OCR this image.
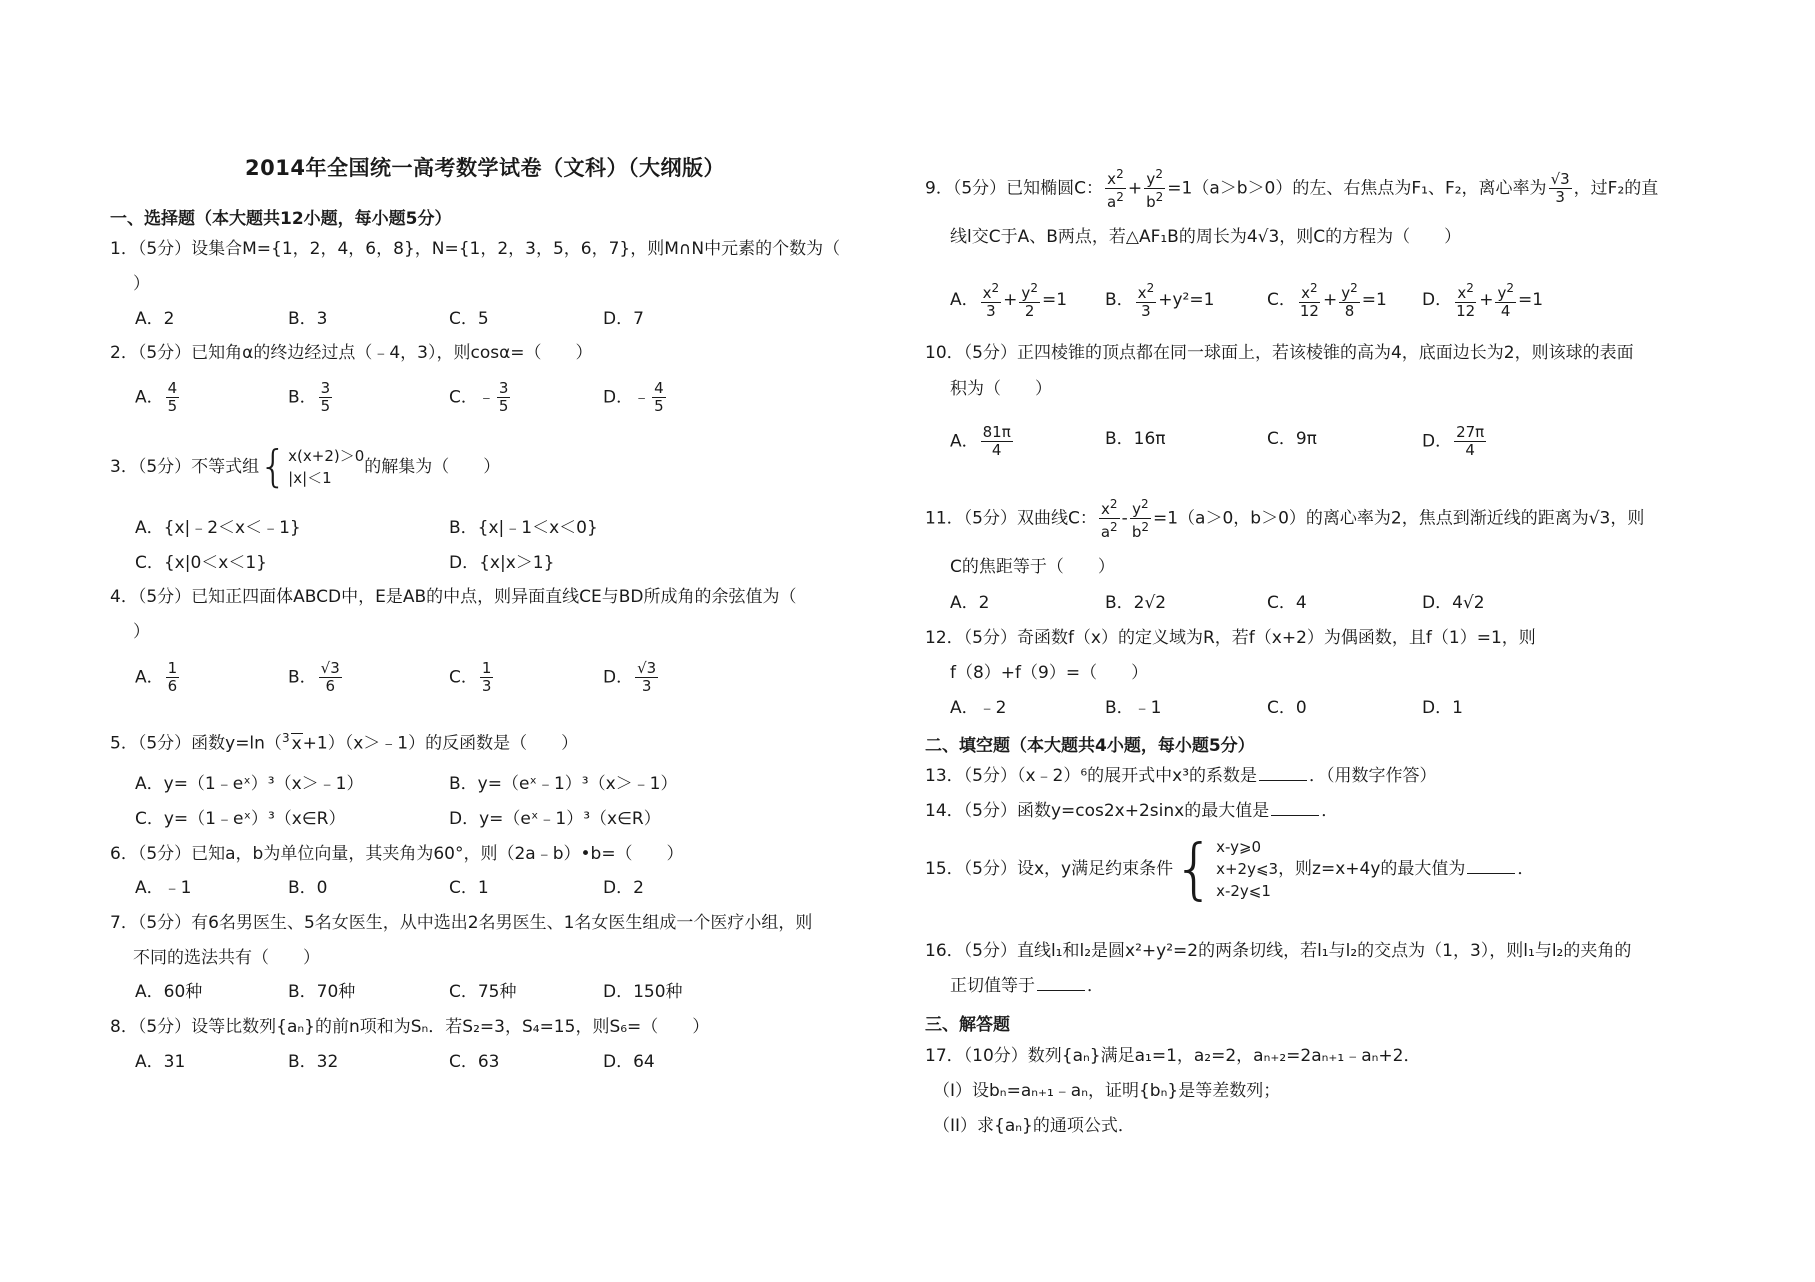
2014年全国统一高考数学试卷（文科）（大纲版）
一、选择题（本大题共12小题，每小题5分）
1．（5分）设集合M={1，2，4，6，8}，N={1，2，3，5，6，7}，则M∩N中元素的个数为（
）
A．2	B．3	C．5	D．7
2．（5分）已知角α的终边经过点（﹣4，3），则cosα=（　　）
A． $\frac{4}{5}$	B． $\frac{3}{5}$	C．﹣ $\frac{3}{5}$	D．﹣ $\frac{4}{5}$
3．（5分）不等式组 { x(x+2)＞0
|x|＜1
的解集为（　　）
A．{x|﹣2＜x＜﹣1}	B．{x|﹣1＜x＜0}
C．{x|0＜x＜1}	D．{x|x＞1}
4．（5分）已知正四面体ABCD中，E是AB的中点，则异面直线CE与BD所成角的余弦值为（
）
A． $\frac{1}{6}$	B． $\frac{√3}{6}$	C． $\frac{1}{3}$	D． $\frac{√3}{3}$
5．（5分）函数y=ln（$^3$ x+1）（x＞﹣1）的反函数是（　　）
A．y=（1﹣eˣ）³（x＞﹣1）	B．y=（eˣ﹣1）³（x＞﹣1）
C．y=（1﹣eˣ）³（x∈R）	D．y=（eˣ﹣1）³（x∈R）
6．（5分）已知a，b为单位向量，其夹角为60°，则（2a﹣b）•b=（　　）
A．﹣1	B．0	C．1	D．2
7．（5分）有6名男医生、5名女医生，从中选出2名男医生、1名女医生组成一个医疗小组，则
不同的选法共有（　　）
A．60种	B．70种	C．75种	D．150种
8．（5分）设等比数列{aₙ}的前n项和为Sₙ．若S₂=3，S₄=15，则S₆=（　　）
A．31	B．32	C．63	D．64
9．（5分）已知椭圆C： $\frac{x^2}{a^2} + \frac{y^2}{b^2} =1(a>b>0)$的左、右焦点为F₁、F₂，离心率为 $\frac{√3}{3}$ ，过F₂的直
线l交C于A、B两点，若△AF₁B的周长为4√3，则C的方程为（　　）
A． $\frac{x^2}{3} + \frac{y^2}{2} =1$ B． $\frac{x^2}{3} +y^2=1$	C． $\frac{x^2}{12} + \frac{y^2}{8} =1$ D． $\frac{x^2}{12} + \frac{y^2}{4} =1$
10．（5分）正四棱锥的顶点都在同一球面上，若该棱锥的高为4，底面边长为2，则该球的表面
积为（　　）
A． $\frac{81\pi}{4}$	B．16π	C．9π	D． $\frac{27\pi}{4}$
11．（5分）双曲线C： $\frac{x^2}{a^2} - \frac{y^2}{b^2} =1(a>0$，b＞0）的离心率为2，焦点到渐近线的距离为√3，则
C的焦距等于（　　）
A．2	B．2√2	C．4	D．4√2
12．（5分）奇函数f（x）的定义域为R，若f（x+2）为偶函数，且f（1）=1，则
f（8）+f（9）=（　　）
A．﹣2	B．﹣1	C．0	D．1
二、填空题（本大题共4小题，每小题5分）
13．（5分）（x﹣2）⁶的展开式中x³的系数是	．（用数字作答）
14．（5分）函数y=cos2x+2sinx的最大值是	．
15．（5分）设x，y满足约束条件 { x-y⩾0
x+2y⩽3
x-2y⩽1
，则z=x+4y的最大值为	．
16．（5分）直线l₁和l₂是圆x²+y²=2的两条切线，若l₁与l₂的交点为（1，3），则l₁与l₂的夹角的
正切值等于	．
三、解答题
17．（10分）数列{aₙ}满足a₁=1，a₂=2，aₙ₊₂=2aₙ₊₁﹣aₙ+2．
（I）设bₙ=aₙ₊₁﹣aₙ，证明{bₙ}是等差数列；
（II）求{aₙ}的通项公式．
